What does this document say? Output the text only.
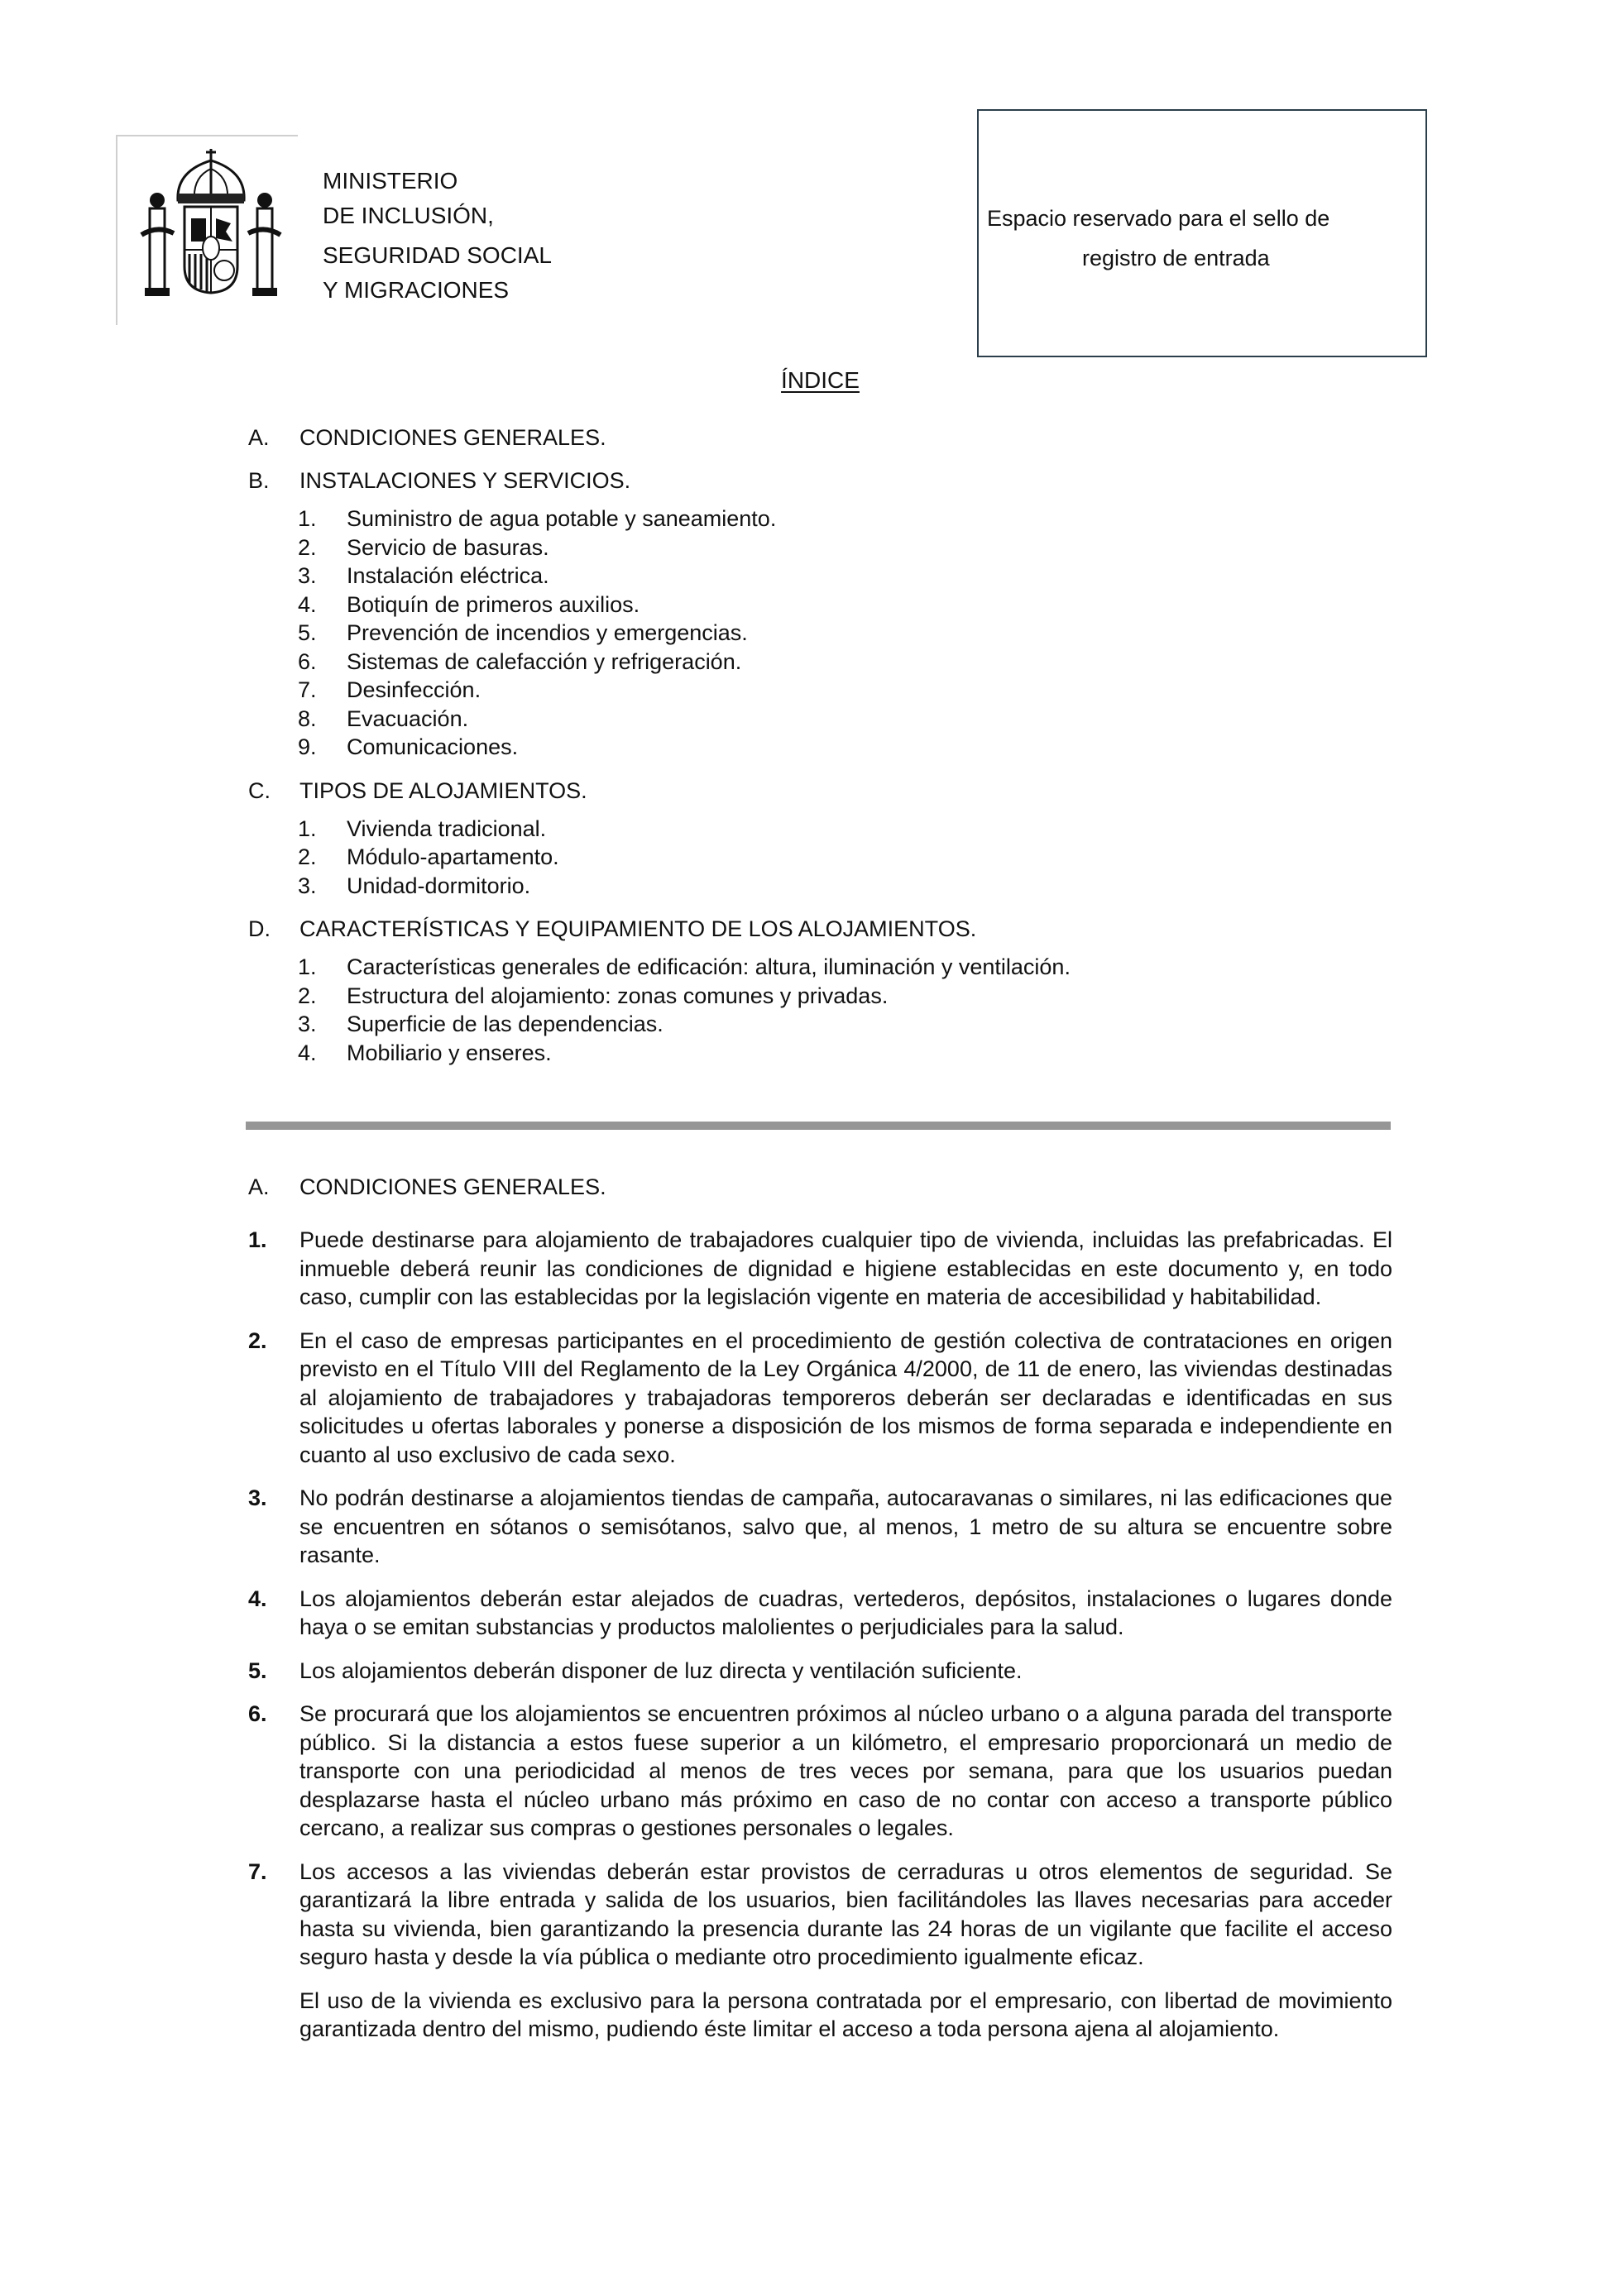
MINISTERIO
DE INCLUSIÓN,
SEGURIDAD SOCIAL
Y MIGRACIONES
Espacio reservado para el sello de
registro de entrada
ÍNDICE
A.	CONDICIONES GENERALES.
B.	INSTALACIONES Y SERVICIOS.
1.	Suministro de agua potable y saneamiento.
2.	Servicio de basuras.
3.	Instalación eléctrica.
4.	Botiquín de primeros auxilios.
5.	Prevención de incendios y emergencias.
6.	Sistemas de calefacción y refrigeración.
7.	Desinfección.
8.	Evacuación.
9.	Comunicaciones.
C.	TIPOS DE ALOJAMIENTOS.
1.	Vivienda tradicional.
2.	Módulo-apartamento.
3.	Unidad-dormitorio.
D.	CARACTERÍSTICAS Y EQUIPAMIENTO DE LOS ALOJAMIENTOS.
1.	Características generales de edificación: altura, iluminación y ventilación.
2.	Estructura del alojamiento: zonas comunes y privadas.
3.	Superficie de las dependencias.
4.	Mobiliario y enseres.
A.	CONDICIONES GENERALES.
1.	Puede destinarse para alojamiento de trabajadores cualquier tipo de vivienda, incluidas las prefabricadas. El inmueble deberá reunir las condiciones de dignidad e higiene establecidas en este documento y, en todo caso, cumplir con las establecidas por la legislación vigente en materia de accesibilidad y habitabilidad.
2.	En el caso de empresas participantes en el procedimiento de gestión colectiva de contrataciones en origen previsto en el Título VIII del Reglamento de la Ley Orgánica 4/2000, de 11 de enero, las viviendas destinadas al alojamiento de trabajadores y trabajadoras temporeros deberán ser declaradas e identificadas en sus solicitudes u ofertas laborales y ponerse a disposición de los mismos de forma separada e independiente en cuanto al uso exclusivo de cada sexo.
3.	No podrán destinarse a alojamientos tiendas de campaña, autocaravanas o similares, ni las edificaciones que se encuentren en sótanos o semisótanos, salvo que, al menos, 1 metro de su altura se encuentre sobre rasante.
4.	Los alojamientos deberán estar alejados de cuadras, vertederos, depósitos, instalaciones o lugares donde haya o se emitan substancias y productos malolientes o perjudiciales para la salud.
5.	Los alojamientos deberán disponer de luz directa y ventilación suficiente.
6.	Se procurará que los alojamientos se encuentren próximos al núcleo urbano o a alguna parada del transporte público. Si la distancia a estos fuese superior a un kilómetro, el empresario proporcionará un medio de transporte con una periodicidad al menos de tres veces por semana, para que los usuarios puedan desplazarse hasta el núcleo urbano más próximo en caso de no contar con acceso a transporte público cercano, a realizar sus compras o gestiones personales o legales.
7.	Los accesos a las viviendas deberán estar provistos de cerraduras u otros elementos de seguridad. Se garantizará la libre entrada y salida de los usuarios, bien facilitándoles las llaves necesarias para acceder hasta su vivienda, bien garantizando la presencia durante las 24 horas de un vigilante que facilite el acceso seguro hasta y desde la vía pública o mediante otro procedimiento igualmente eficaz.
El uso de la vivienda es exclusivo para la persona contratada por el empresario, con libertad de movimiento garantizada dentro del mismo, pudiendo éste limitar el acceso a toda persona ajena al alojamiento.
